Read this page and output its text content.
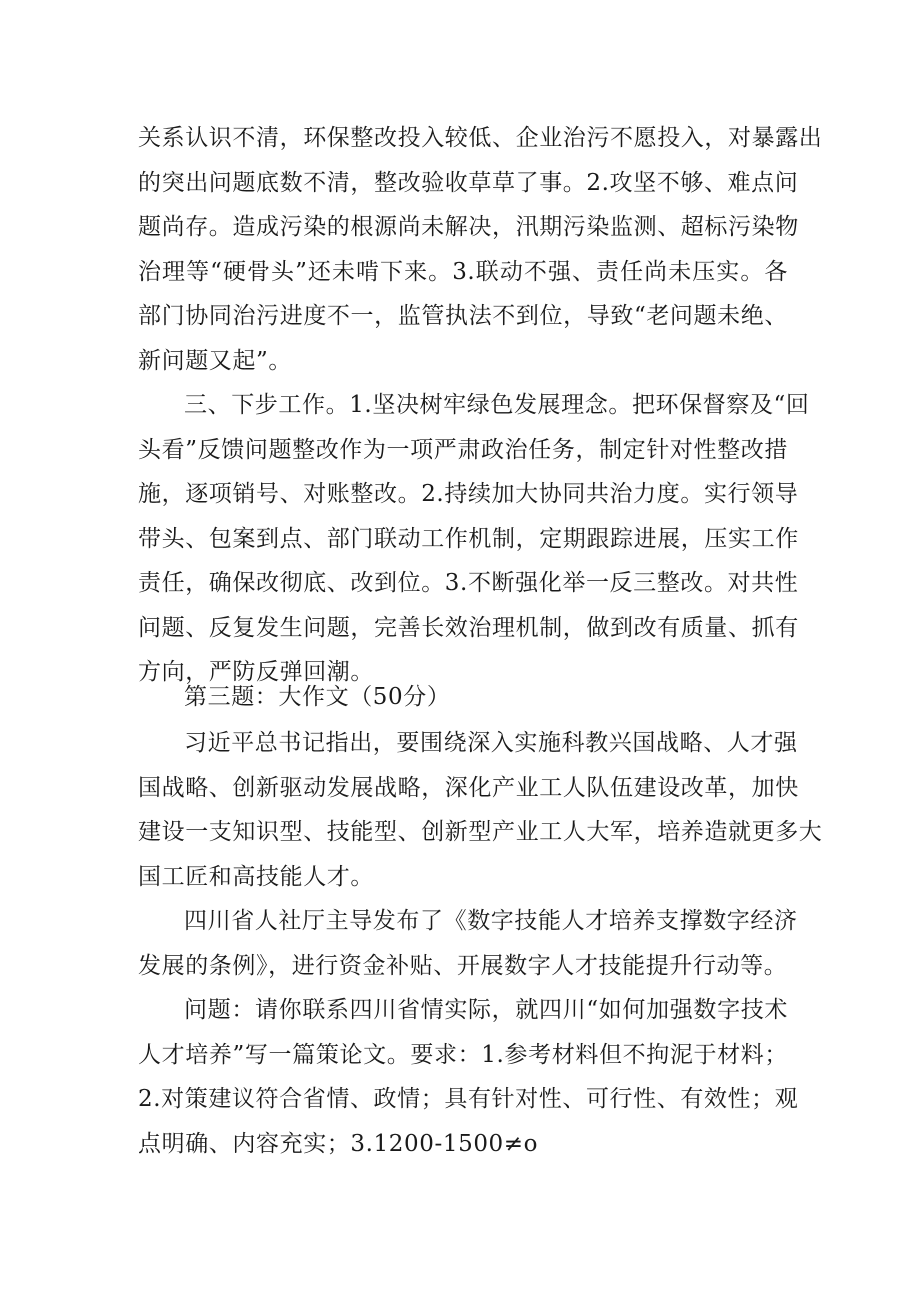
关系认识不清，环保整改投入较低、企业治污不愿投入，对暴露出
的突出问题底数不清，整改验收草草了事。2.攻坚不够、难点问
题尚存。造成污染的根源尚未解决，汛期污染监测、超标污染物
治理等“硬骨头”还未啃下来。3.联动不强、责任尚未压实。各
部门协同治污进度不一，监管执法不到位，导致“老问题未绝、
新问题又起”。

三、下步工作。1.坚决树牢绿色发展理念。把环保督察及“回
头看”反馈问题整改作为一项严肃政治任务，制定针对性整改措
施，逐项销号、对账整改。2.持续加大协同共治力度。实行领导
带头、包案到点、部门联动工作机制，定期跟踪进展，压实工作
责任，确保改彻底、改到位。3.不断强化举一反三整改。对共性
问题、反复发生问题，完善长效治理机制，做到改有质量、抓有
方向，严防反弹回潮。

第三题：大作文（50分）

习近平总书记指出，要围绕深入实施科教兴国战略、人才强
国战略、创新驱动发展战略，深化产业工人队伍建设改革，加快
建设一支知识型、技能型、创新型产业工人大军，培养造就更多大
国工匠和高技能人才。

四川省人社厅主导发布了《数字技能人才培养支撑数字经济
发展的条例》，进行资金补贴、开展数字人才技能提升行动等。

问题：请你联系四川省情实际，就四川“如何加强数字技术
人才培养”写一篇策论文。要求：1.参考材料但不拘泥于材料；
2.对策建议符合省情、政情；具有针对性、可行性、有效性；观
点明确、内容充实；3.1200-1500≠o
